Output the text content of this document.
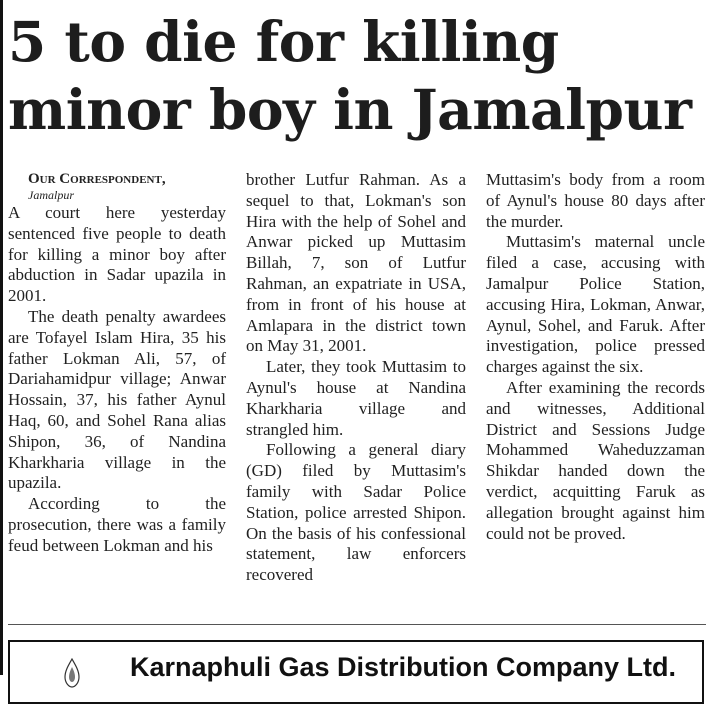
5 to die for killing minor boy in Jamalpur

Our Correspondent,

Jamalpur

A court here yesterday sentenced five people to death for killing a minor boy after abduction in Sadar upazila in 2001.

The death penalty awardees are Tofayel Islam Hira, 35 his father Lokman Ali, 57, of Dariahamidpur village; Anwar Hossain, 37, his father Aynul Haq, 60, and Sohel Rana alias Shipon, 36, of Nandina Kharkharia village in the upazila.

According to the prosecution, there was a family feud between Lokman and his

brother Lutfur Rahman. As a sequel to that, Lokman's son Hira with the help of Sohel and Anwar picked up Muttasim Billah, 7, son of Lutfur Rahman, an expatriate in USA, from in front of his house at Amlapara in the district town on May 31, 2001.

Later, they took Muttasim to Aynul's house at Nandina Kharkharia village and strangled him.

Following a general diary (GD) filed by Muttasim's family with Sadar Police Station, police arrested Shipon. On the basis of his confessional statement, law enforcers recovered

Muttasim's body from a room of Aynul's house 80 days after the murder.

Muttasim's maternal uncle filed a case, accusing with Jamalpur Police Station, accusing Hira, Lokman, Anwar, Aynul, Sohel, and Faruk. After investigation, police pressed charges against the six.

After examining the records and witnesses, Additional District and Sessions Judge Mohammed Waheduzzaman Shikdar handed down the verdict, acquitting Faruk as allegation brought against him could not be proved.

Karnaphuli Gas Distribution Company Ltd.
